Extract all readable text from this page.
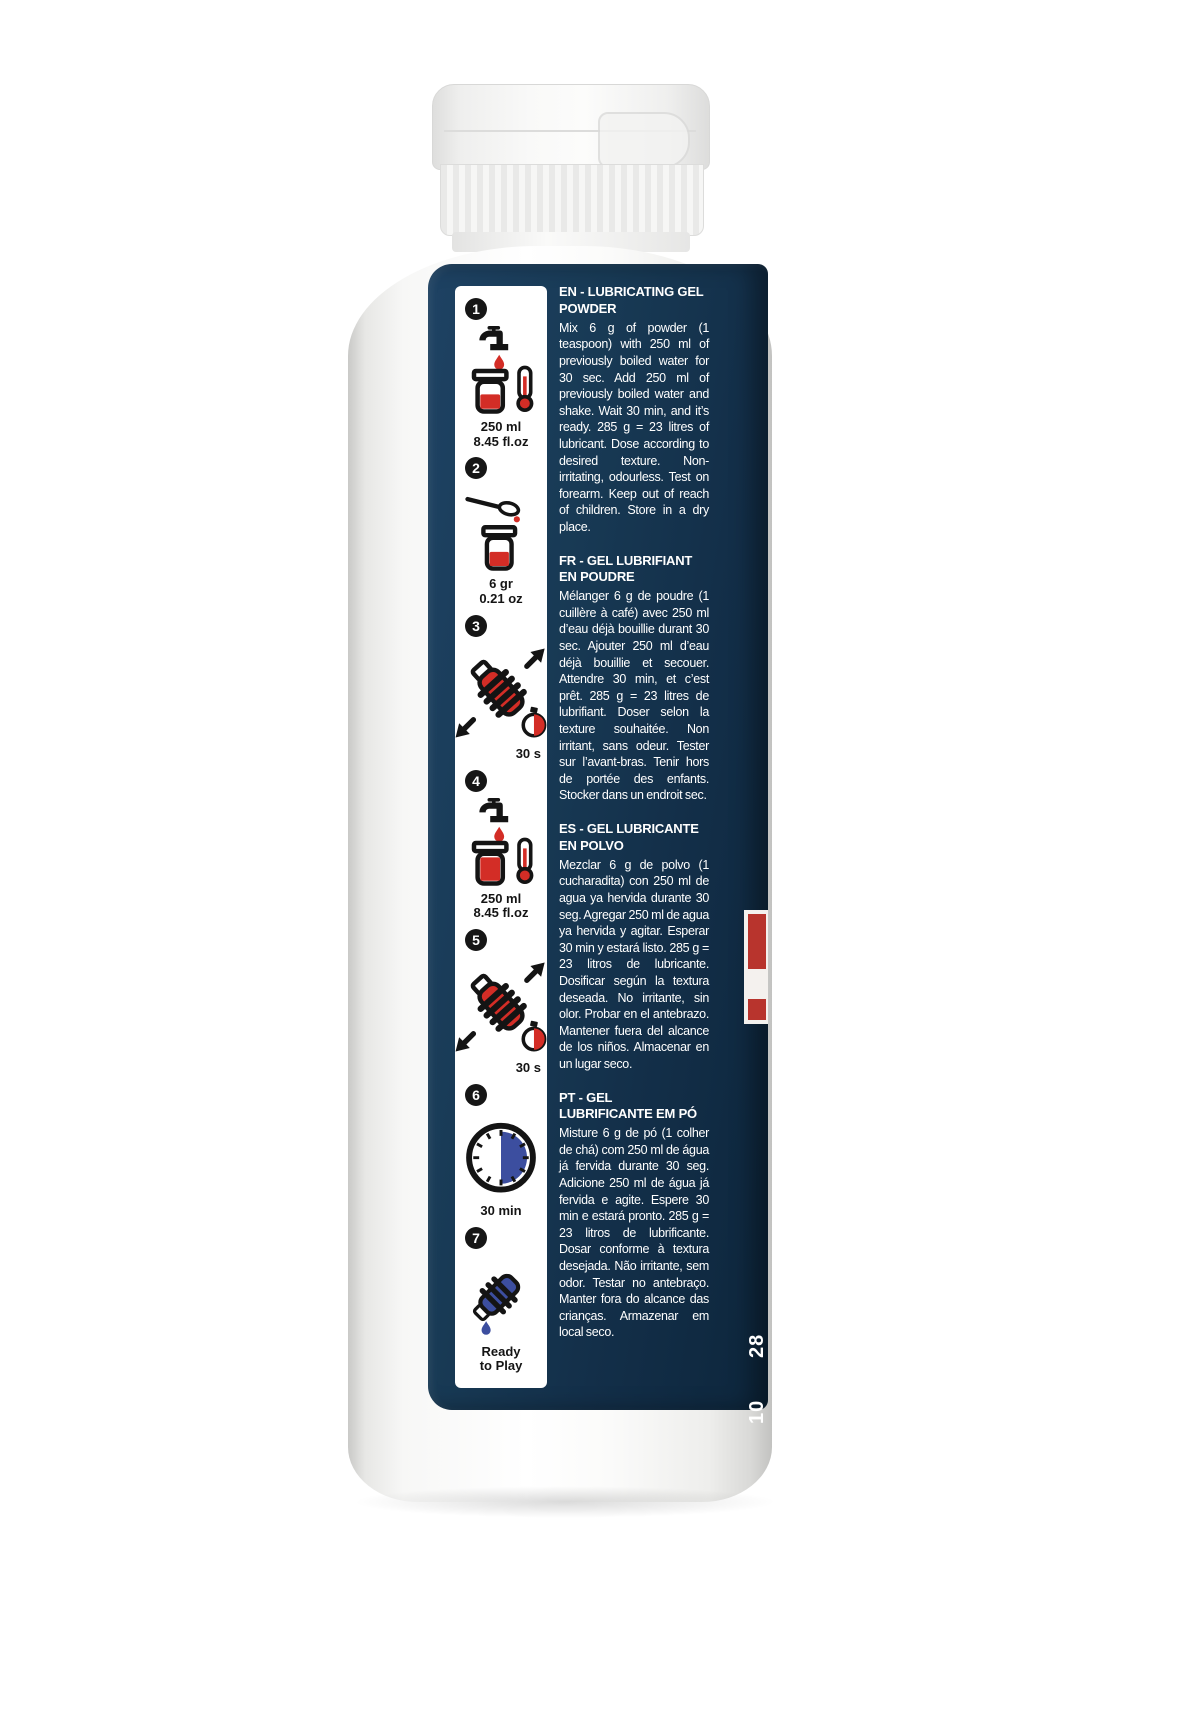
1
250 ml
8.45 fl.oz
2
6 gr
0.21 oz
3
30 s
4
250 ml
8.45 fl.oz
5
30 s
6
30 min
7
Ready
to Play
EN - LUBRICATING GEL POWDER
Mix 6 g of powder (1 teaspoon) with 250 ml of previously boiled water for 30 sec. Add 250 ml of previously boiled water and shake. Wait 30 min, and it’s ready. 285 g = 23 litres of lubricant. Dose according to desired texture. Non-irritating, odourless. Test on forearm. Keep out of reach of children. Store in a dry place.
FR - GEL LUBRIFIANT EN POUDRE
Mélanger 6 g de poudre (1 cuillère à café) avec 250 ml d’eau déjà bouillie durant 30 sec. Ajouter 250 ml d’eau déjà bouillie et secouer. Attendre 30 min, et c’est prêt. 285 g = 23 litres de lubrifiant. Doser selon la texture souhaitée. Non irritant, sans odeur. Tester sur l’avant-bras. Tenir hors de portée des enfants. Stocker dans un endroit sec.
ES - GEL LUBRICANTE EN POLVO
Mezclar 6 g de polvo (1 cucharadita) con 250 ml de agua ya hervida durante 30 seg. Agregar 250 ml de agua ya hervida y agitar. Esperar 30 min y estará listo. 285 g = 23 litros de lubricante. Dosificar según la textura deseada. No irritante, sin olor. Probar en el antebrazo. Mantener fuera del alcance de los niños. Almacenar en un lugar seco.
PT - GEL LUBRIFICANTE EM PÓ
Misture 6 g de pó (1 colher de chá) com 250 ml de água já fervida durante 30 seg. Adicione 250 ml de água já fervida e agite. Espere 30 min e estará pronto. 285 g = 23 litros de lubrificante. Dosar conforme à textura desejada. Não irritante, sem odor. Testar no antebraço. Manter fora do alcance das crianças. Armazenar em local seco.
28
10
